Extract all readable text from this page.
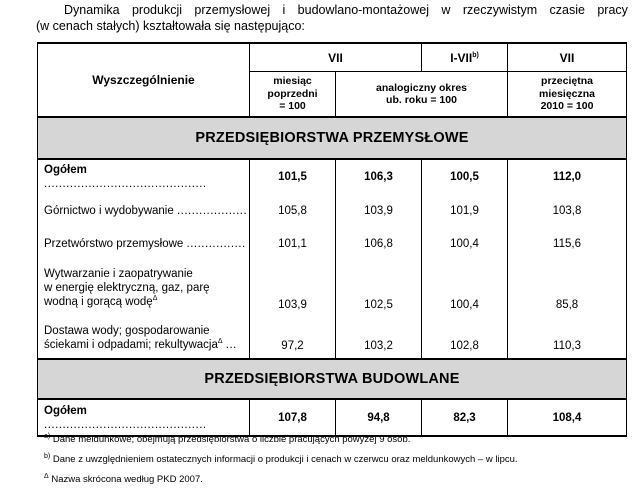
Dynamika produkcji przemysłowej i budowlano-montażowej w rzeczywistym czasie pracy
(w cenach stałych) kształtowała się następująco:
Wyszczególnienie	VII		I-VII$^{b)}$	VII
	miesiąc poprzedni = 100	analogiczny okres ub. roku = 100		przeciętna miesięczna 2010 = 100
PRZEDSIĘBIORSTWA PRZEMYSŁOWE				
Ogółem ............................................	101,5	106,3	100,5	112,0
Górnictwo i wydobywanie ...................	105,8	103,9	101,9	103,8
Przetwórstwo przemysłowe ................	101,1	106,8	100,4	115,6

Wytwarzanie i zaopatrywanie
w energię elektryczną, gaz, parę
wodną i gorącą wodę$^\Delta$	103,9	102,5	100,4	85,8

Dostawa wody; gospodarowanie
ściekami i odpadami; rekultywacja$^\Delta$ ...	97,2	103,2	102,8	110,3
PRZEDSIĘBIORSTWA BUDOWLANE				
Ogółem ............................................	107,8	94,8	82,3	108,4
$^{a)}$ Dane meldunkowe; obejmują przedsiębiorstwa o liczbie pracujących powyżej 9 osób.
$^{b)}$ Dane z uwzględnieniem ostatecznych informacji o produkcji i cenach w czerwcu oraz meldunkowych – w lipcu.
$^\Delta$ Nazwa skrócona według PKD 2007.
